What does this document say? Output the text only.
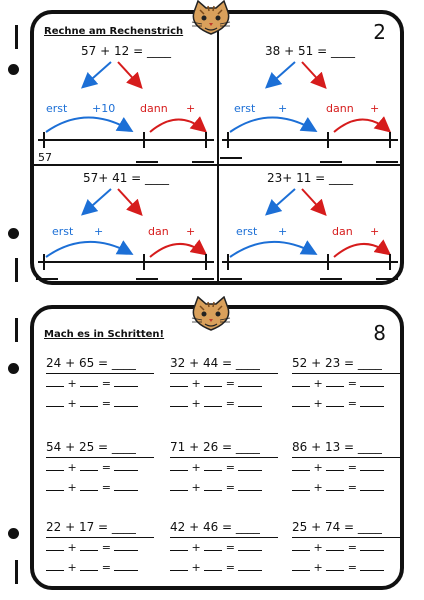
Rechne am Rechenstrich	2
57 + 12 = ____
erst +10 dann +
57
38 + 51 = ____
erst +	dann +
57+ 41 = ____
erst +	dan +
23+ 11 = ____
erst +	dan +
Mach es in Schritten!	8
24 + 65 = ____
+  =
+  =
32 + 44 = ____
+  =
+  =
52 + 23 = ____
+  =
+  =
54 + 25 = ____
+  =
+  =
71 + 26 = ____
+  =
+  =
86 + 13 = ____
+  =
+  =
22 + 17 = ____
+  =
+  =
42 + 46 = ____
+  =
+  =
25 + 74 = ____
+  =
+  =
